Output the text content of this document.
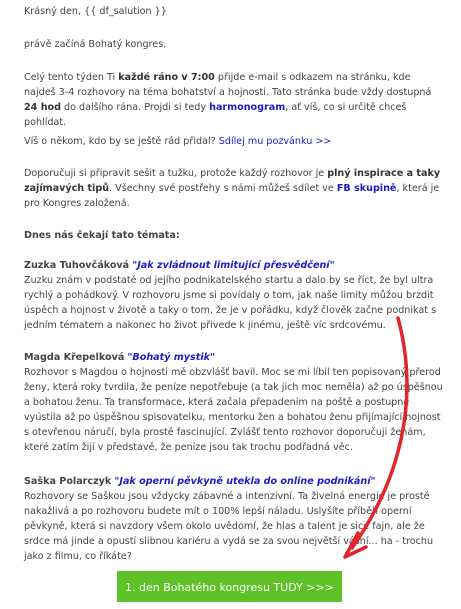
Krásný den, {{ df_salution }}

právě začíná Bohatý kongres.

Celý tento týden Ti každé ráno v 7:00 přijde e-mail s odkazem na stránku, kde najdeš 3-4 rozhovory na téma bohatství a hojnosti. Tato stránka bude vždy dostupná 24 hod do dalšího rána. Projdi si tedy harmonogram, ať víš, co si určitě chceš pohlídat.

Víš o někom, kdo by se ještě rád přidal? Sdílej mu pozvánku >>

Doporučuji si připravit sešit a tužku, protože každý rozhovor je plný inspirace a taky zajímavých tipů. Všechny své postřehy s námi můžeš sdílet ve FB skupině, která je pro Kongres založená.

Dnes nás čekají tato témata:

Zuzka Tuhovčáková "Jak zvládnout limitující přesvědčení"

Zuzku znám v podstatě od jejího podnikatelského startu a dalo by se říct, že byl ultra rychlý a pohádkový. V rozhovoru jsme si povídaly o tom, jak naše limity můžou brzdit úspěch a hojnost v životě a taky o tom, že je v pořádku, když člověk začne podnikat s jedním tématem a nakonec ho život přivede k jinému, ještě víc srdcovému.

Magda Křepelková "Bohatý mystik"

Rozhovor s Magdou o hojnosti mě obzvlášť bavil. Moc se mi líbil ten popisovaný přerod ženy, která roky tvrdila, že peníze nepotřebuje (a tak jich moc neměla) až po úspěšnou a bohatou ženu. Ta transformace, která začala přepadením na poště a postupně vyústila až po úspěšnou spisovatelku, mentorku žen a bohatou ženu přijímající hojnost s otevřenou náručí, byla prostě fascinující. Zvlášť tento rozhovor doporučuji ženám, které zatím žijí v představě, že peníze jsou tak trochu podřadná věc.

Saška Polarczyk "Jak operní pěvkyně utekla do online podnikání"

Rozhovory se Saškou jsou vždycky zábavné a intenzivní. Ta živelná energie je prostě nakažlivá a po rozhovoru budete mít o 100% lepší náladu. Uslyšíte příběh operní pěvkyně, která si navzdory všem okolo uvědomí, že hlas a talent je sice fajn, ale že srdce má jinde a opustí slibnou kariéru a vydá se za svou největší vášní... ha - trochu jako z filmu, co říkáte?

1. den Bohatého kongresu TUDY >>>
